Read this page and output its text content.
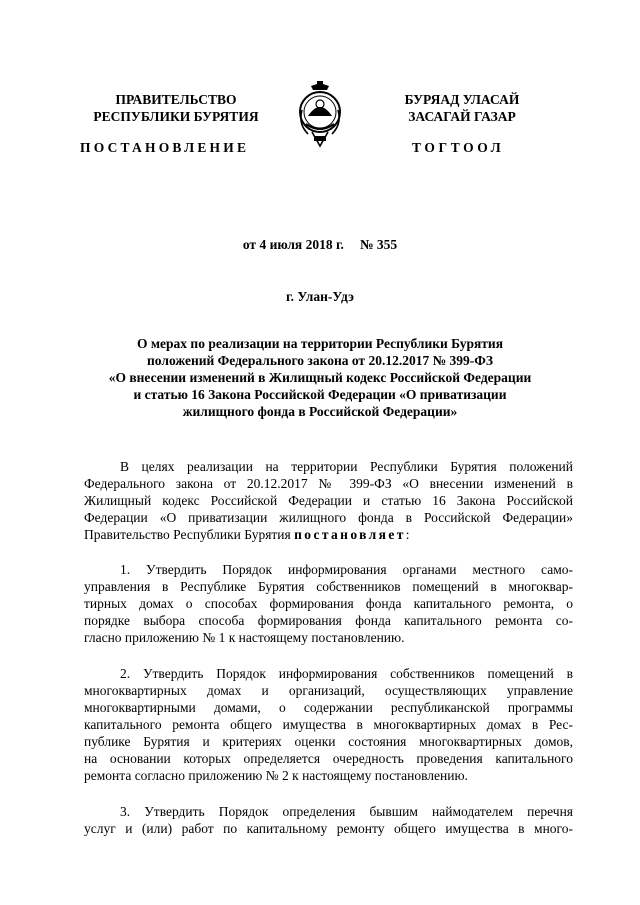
ПРАВИТЕЛЬСТВО
РЕСПУБЛИКИ БУРЯТИЯ
БУРЯАД УЛАСАЙ
ЗАСАГАЙ ГАЗАР
ПОСТАНОВЛЕНИЕ	ТОГТООЛ
от 4 июля 2018 г. № 355
г. Улан-Удэ
О мерах по реализации на территории Республики Бурятия
положений Федерального закона от 20.12.2017 № 399-ФЗ
«О внесении изменений в Жилищный кодекс Российской Федерации
и статью 16 Закона Российской Федерации «О приватизации
жилищного фонда в Российской Федерации»
В целях реализации на территории Республики Бурятия положений
Федерального закона от 20.12.2017 № 399-ФЗ «О внесении изменений в
Жилищный кодекс Российской Федерации и статью 16 Закона Российской
Федерации «О приватизации жилищного фонда в Российской Федерации»
Правительство Республики Бурятия постановляет:
1. Утвердить Порядок информирования органами местного само-
управления в Республике Бурятия собственников помещений в многоквар-
тирных домах о способах формирования фонда капитального ремонта, о
порядке выбора способа формирования фонда капитального ремонта со-
гласно приложению № 1 к настоящему постановлению.
2. Утвердить Порядок информирования собственников помещений в
многоквартирных домах и организаций, осуществляющих управление
многоквартирными домами, о содержании республиканской программы
капитального ремонта общего имущества в многоквартирных домах в Рес-
публике Бурятия и критериях оценки состояния многоквартирных домов,
на основании которых определяется очередность проведения капитального
ремонта согласно приложению № 2 к настоящему постановлению.
3. Утвердить Порядок определения бывшим наймодателем перечня
услуг и (или) работ по капитальному ремонту общего имущества в много-
